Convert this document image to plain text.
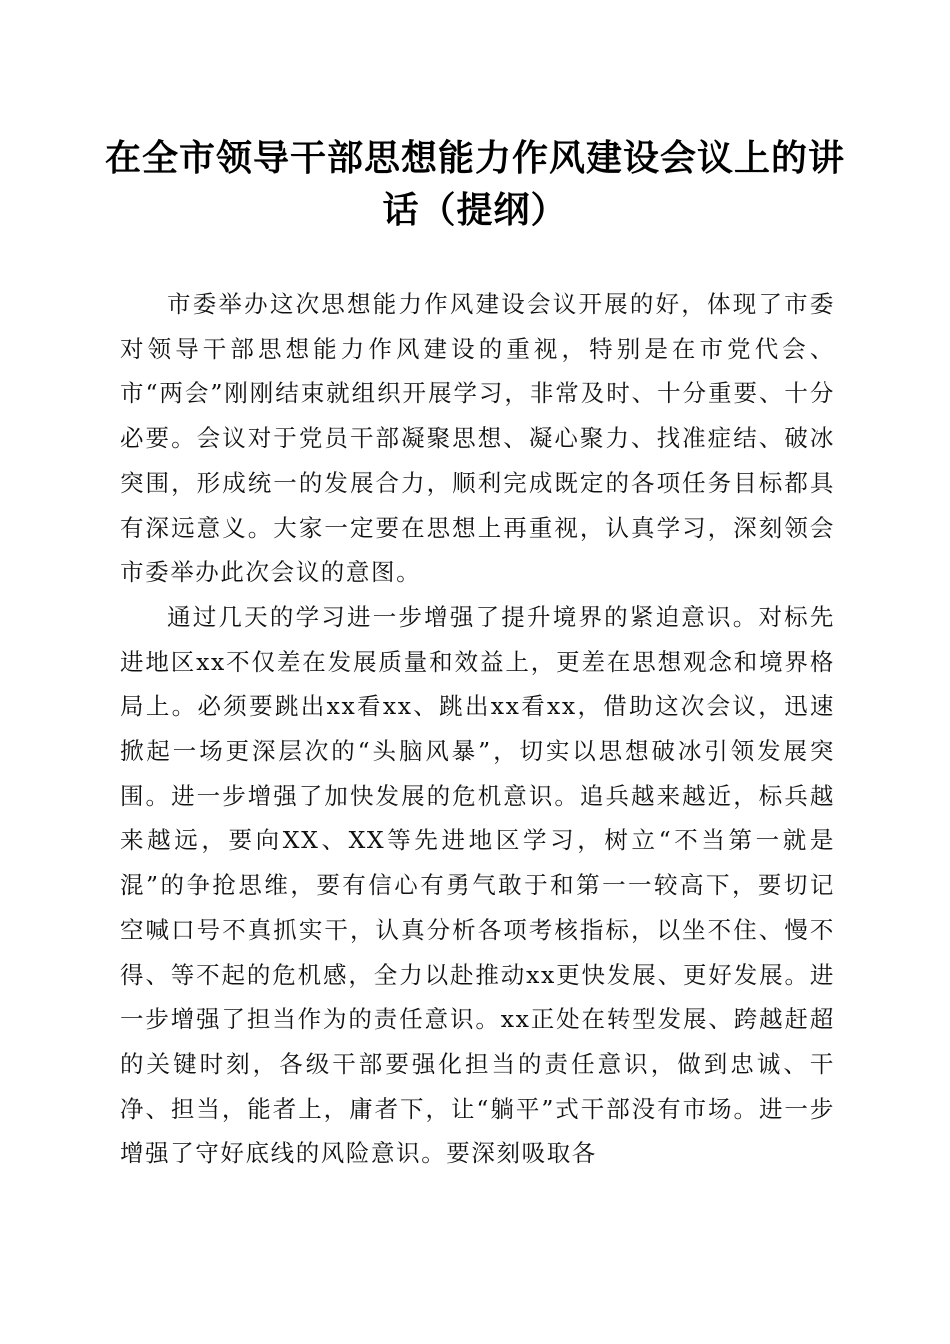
在全市领导干部思想能力作风建设会议上的讲话（提纲）

市委举办这次思想能力作风建设会议开展的好，体现了市委对领导干部思想能力作风建设的重视，特别是在市党代会、市“两会”刚刚结束就组织开展学习，非常及时、十分重要、十分必要。会议对于党员干部凝聚思想、凝心聚力、找准症结、破冰突围，形成统一的发展合力，顺利完成既定的各项任务目标都具有深远意义。大家一定要在思想上再重视，认真学习，深刻领会市委举办此次会议的意图。

通过几天的学习进一步增强了提升境界的紧迫意识。对标先进地区xx不仅差在发展质量和效益上，更差在思想观念和境界格局上。必须要跳出xx看xx、跳出xx看xx，借助这次会议，迅速掀起一场更深层次的“头脑风暴”，切实以思想破冰引领发展突围。进一步增强了加快发展的危机意识。追兵越来越近，标兵越来越远，要向XX、XX等先进地区学习，树立“不当第一就是混”的争抢思维，要有信心有勇气敢于和第一一较高下，要切记空喊口号不真抓实干，认真分析各项考核指标，以坐不住、慢不得、等不起的危机感，全力以赴推动xx更快发展、更好发展。进一步增强了担当作为的责任意识。xx正处在转型发展、跨越赶超的关键时刻，各级干部要强化担当的责任意识，做到忠诚、干净、担当，能者上，庸者下，让“躺平”式干部没有市场。进一步增强了守好底线的风险意识。要深刻吸取各
